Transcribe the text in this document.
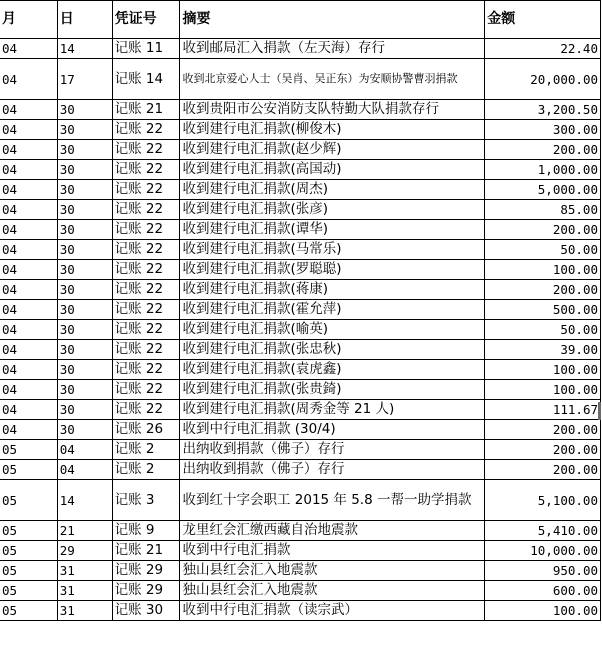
月	日	凭证号	摘要	金额
04	14	记账 11	收到邮局汇入捐款（左天海）存行	22.40
04	17	记账 14	收到北京爱心人士（吴肖、吴正东）为安顺协警曹羽捐款	20,000.00
04	30	记账 21	收到贵阳市公安消防支队特勤大队捐款存行	3,200.50
04	30	记账 22	收到建行电汇捐款(柳俊木)	300.00
04	30	记账 22	收到建行电汇捐款(赵少辉)	200.00
04	30	记账 22	收到建行电汇捐款(高国动)	1,000.00
04	30	记账 22	收到建行电汇捐款(周杰)	5,000.00
04	30	记账 22	收到建行电汇捐款(张彦)	85.00
04	30	记账 22	收到建行电汇捐款(谭华)	200.00
04	30	记账 22	收到建行电汇捐款(马常乐)	50.00
04	30	记账 22	收到建行电汇捐款(罗聪聪)	100.00
04	30	记账 22	收到建行电汇捐款(蒋康)	200.00
04	30	记账 22	收到建行电汇捐款(霍允萍)	500.00
04	30	记账 22	收到建行电汇捐款(喻英)	50.00
04	30	记账 22	收到建行电汇捐款(张忠秋)	39.00
04	30	记账 22	收到建行电汇捐款(袁虎鑫)	100.00
04	30	记账 22	收到建行电汇捐款(张贵錡)	100.00
04	30	记账 22	收到建行电汇捐款(周秀金等 21 人)	111.67
04	30	记账 26	收到中行电汇捐款 (30/4)	200.00
05	04	记账 2	出纳收到捐款（佛子）存行	200.00
05	04	记账 2	出纳收到捐款（佛子）存行	200.00
05	14	记账 3	收到红十字会职工 2015 年 5.8 一帮一助学捐款	5,100.00
05	21	记账 9	龙里红会汇缴西藏自治地震款	5,410.00
05	29	记账 21	收到中行电汇捐款	10,000.00
05	31	记账 29	独山县红会汇入地震款	950.00
05	31	记账 29	独山县红会汇入地震款	600.00
05	31	记账 30	收到中行电汇捐款（读宗武）	100.00
